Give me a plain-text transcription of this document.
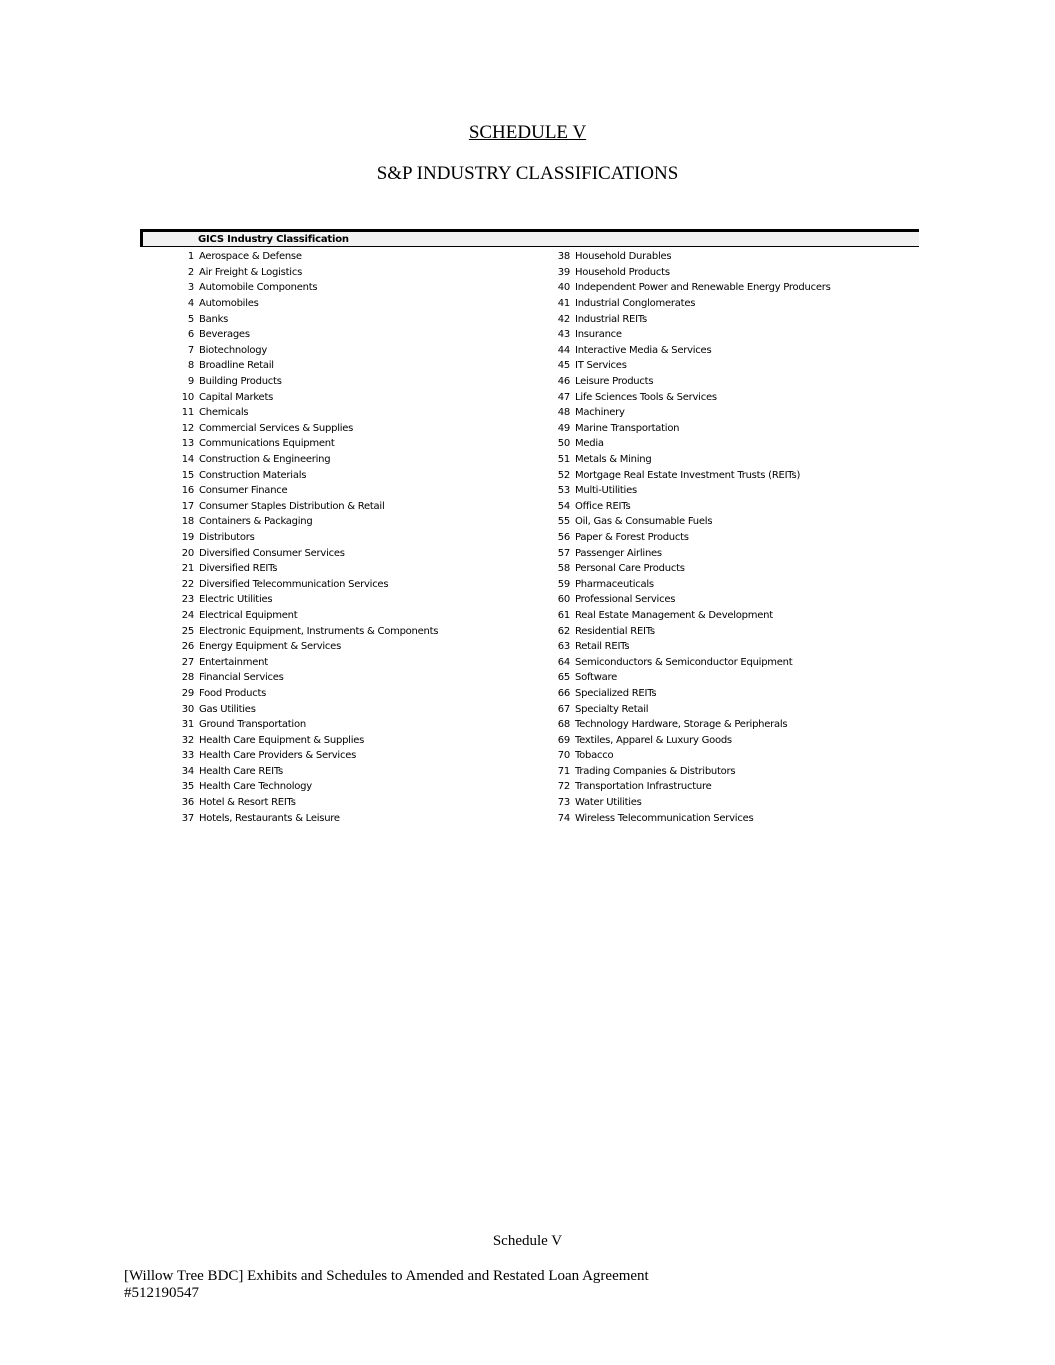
SCHEDULE V
S&P INDUSTRY CLASSIFICATIONS
GICS Industry Classification
1 Aerospace & Defense
2 Air Freight & Logistics
3 Automobile Components
4 Automobiles
5 Banks
6 Beverages
7 Biotechnology
8 Broadline Retail
9 Building Products
10 Capital Markets
11 Chemicals
12 Commercial Services & Supplies
13 Communications Equipment
14 Construction & Engineering
15 Construction Materials
16 Consumer Finance
17 Consumer Staples Distribution & Retail
18 Containers & Packaging
19 Distributors
20 Diversified Consumer Services
21 Diversified REITs
22 Diversified Telecommunication Services
23 Electric Utilities
24 Electrical Equipment
25 Electronic Equipment, Instruments & Components
26 Energy Equipment & Services
27 Entertainment
28 Financial Services
29 Food Products
30 Gas Utilities
31 Ground Transportation
32 Health Care Equipment & Supplies
33 Health Care Providers & Services
34 Health Care REITs
35 Health Care Technology
36 Hotel & Resort REITs
37 Hotels, Restaurants & Leisure
38 Household Durables
39 Household Products
40 Independent Power and Renewable Energy Producers
41 Industrial Conglomerates
42 Industrial REITs
43 Insurance
44 Interactive Media & Services
45 IT Services
46 Leisure Products
47 Life Sciences Tools & Services
48 Machinery
49 Marine Transportation
50 Media
51 Metals & Mining
52 Mortgage Real Estate Investment Trusts (REITs)
53 Multi-Utilities
54 Office REITs
55 Oil, Gas & Consumable Fuels
56 Paper & Forest Products
57 Passenger Airlines
58 Personal Care Products
59 Pharmaceuticals
60 Professional Services
61 Real Estate Management & Development
62 Residential REITs
63 Retail REITs
64 Semiconductors & Semiconductor Equipment
65 Software
66 Specialized REITs
67 Specialty Retail
68 Technology Hardware, Storage & Peripherals
69 Textiles, Apparel & Luxury Goods
70 Tobacco
71 Trading Companies & Distributors
72 Transportation Infrastructure
73 Water Utilities
74 Wireless Telecommunication Services
Schedule V
[Willow Tree BDC] Exhibits and Schedules to Amended and Restated Loan Agreement
#512190547
